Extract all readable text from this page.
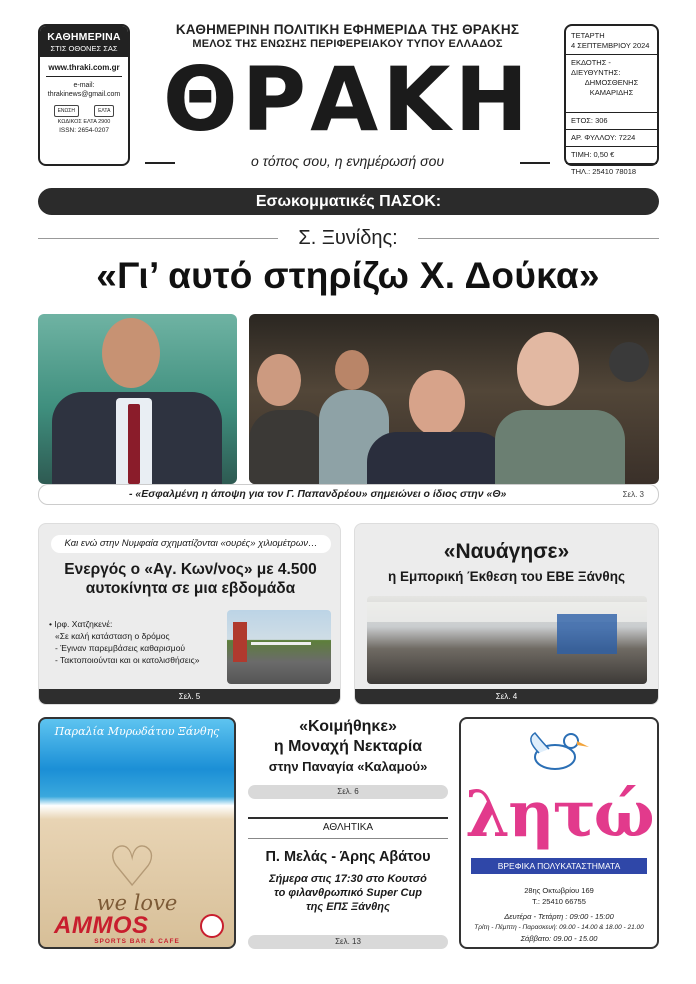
ΚΑΘΗΜΕΡΙΝΑ
ΣΤΙΣ ΟΘΟΝΕΣ ΣΑΣ
www.thraki.com.gr
e-mail:
thrakinews@gmail.com
ΕΝΩΣΗ	ΕΛΤΑ
ΚΩΔΙΚΟΣ ΕΛΤΑ 2900
ISSN: 2654-0207
ΚΑΘΗΜΕΡΙΝΗ ΠΟΛΙΤΙΚΗ ΕΦΗΜΕΡΙΔΑ ΤΗΣ ΘΡΑΚΗΣ
ΜΕΛΟΣ ΤΗΣ ΕΝΩΣΗΣ ΠΕΡΙΦΕΡΕΙΑΚΟΥ ΤΥΠΟΥ ΕΛΛΑΔΟΣ
ΘΡΑΚΗ
ο τόπος σου, η ενημέρωσή σου
ΤΕΤΑΡΤΗ
4 ΣΕΠΤΕΜΒΡΙΟΥ 2024
ΕΚΔΟΤΗΣ - ΔΙΕΥΘΥΝΤΗΣ:
ΔΗΜΟΣΘΕΝΗΣ
ΚΑΜΑΡΙΔΗΣ
ΕΤΟΣ: 306
ΑΡ. ΦΥΛΛΟΥ: 7224
ΤΙΜΗ: 0,50 €
ΤΗΛ.: 25410 78018
Εσωκομματικές ΠΑΣΟΚ:
Σ. Ξυνίδης:
«Γι’ αυτό στηρίζω Χ. Δούκα»
- «Εσφαλμένη η άποψη για τον Γ. Παπανδρέου» σημειώνει ο ίδιος στην «Θ»	Σελ. 3
Και ενώ στην Νυμφαία σχηματίζονται «ουρές» χιλιομέτρων…
Ενεργός ο «Αγ. Κων/νος» με 4.500
αυτοκίνητα σε μια εβδομάδα
• Ιρφ. Χατζηκενέ:
«Σε καλή κατάσταση ο δρόμος
- Έγιναν παρεμβάσεις καθαρισμού
- Τακτοποιούνται και οι κατολισθήσεις»
Σελ. 5
«Ναυάγησε»
η Εμπορική Έκθεση του ΕΒΕ Ξάνθης
Σελ. 4
Παραλία Μυρωδάτου Ξάνθης
♡
we love
AMMOS
SPORTS BAR & CAFE
«Κοιμήθηκε»
η Μοναχή Νεκταρία
στην Παναγία «Καλαμού»
Σελ. 6
ΑΘΛΗΤΙΚΑ
Π. Μελάς - Άρης Αβάτου
Σήμερα στις 17:30 στο Κουτσό
το φιλανθρωπικό Super Cup
της ΕΠΣ Ξάνθης
Σελ. 13
λητώ
ΒΡΕΦΙΚΑ ΠΟΛΥΚΑΤΑΣΤΗΜΑΤΑ
28ης Οκτωβρίου 169
Τ.: 25410 66755
Δευτέρα - Τετάρτη : 09:00 - 15:00
Τρίτη - Πέμπτη - Παρασκευή: 09.00 - 14.00 & 18.00 - 21.00
Σάββατο: 09.00 - 15.00
